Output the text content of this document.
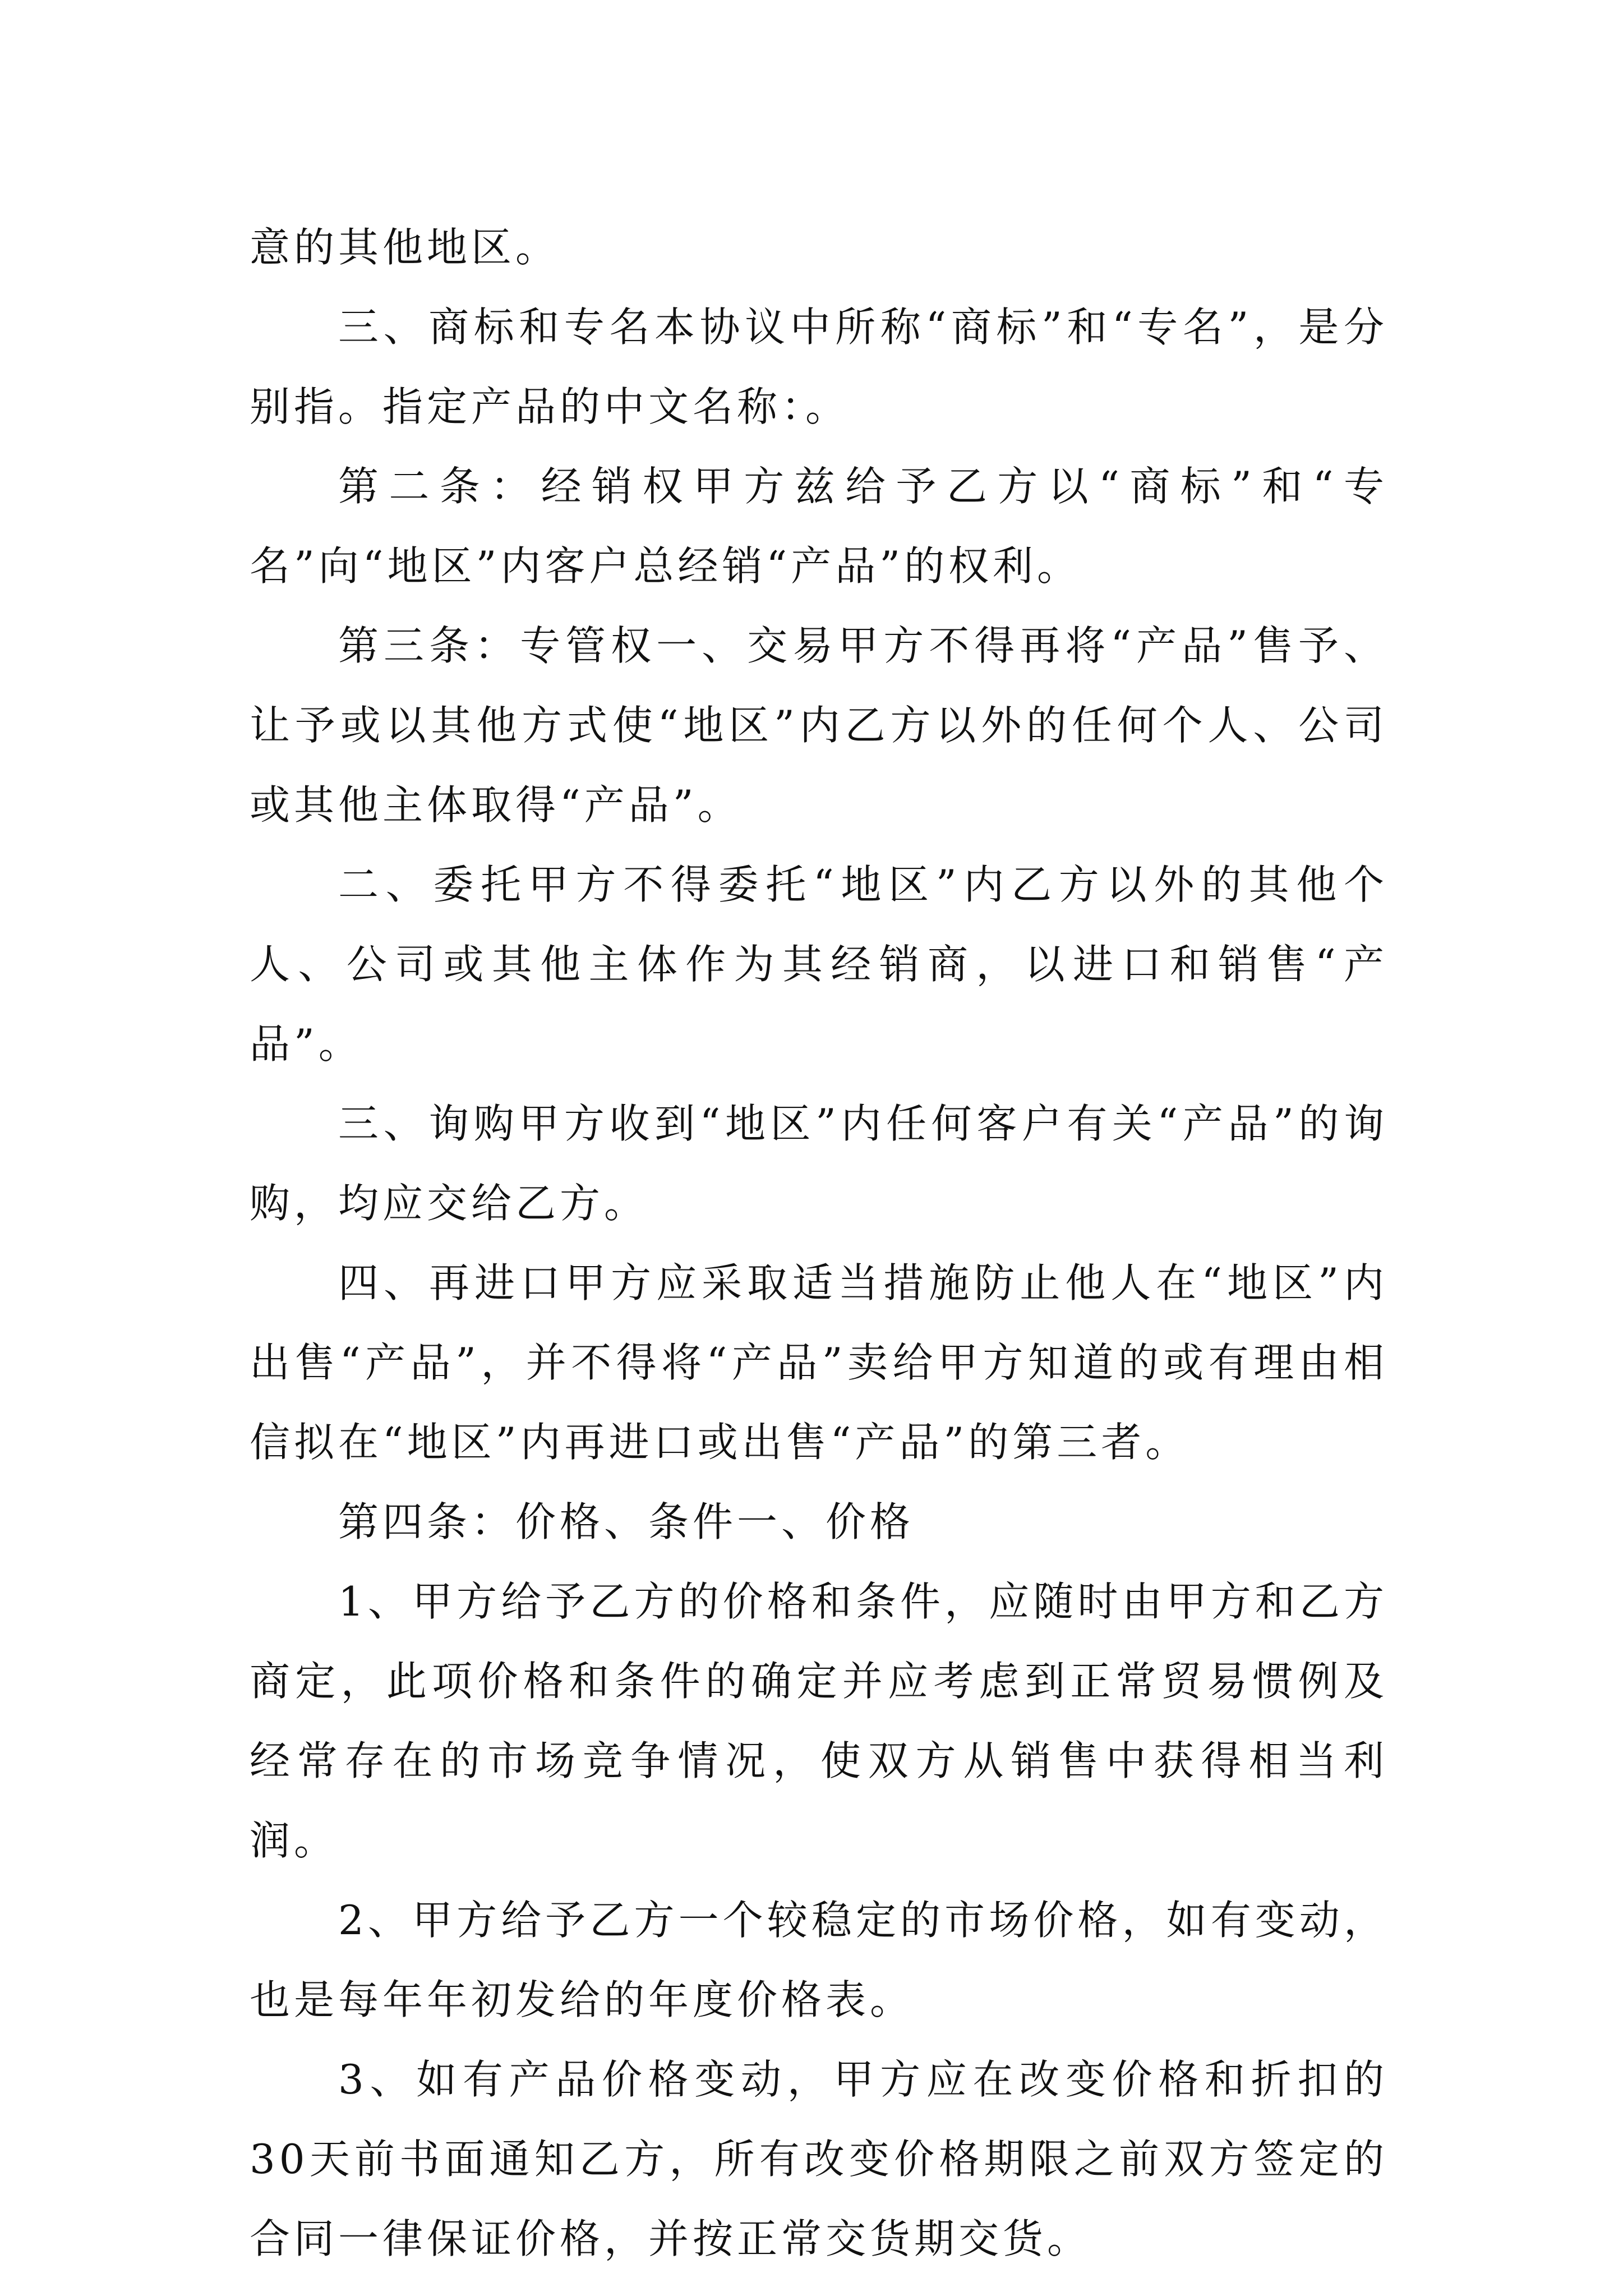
意的其他地区。

三、商标和专名本协议中所称“商标”和“专名”，是分别指。指定产品的中文名称：。

第二条：经销权甲方兹给予乙方以“商标”和“专名”向“地区”内客户总经销“产品”的权利。

第三条：专管权一、交易甲方不得再将“产品”售予、让予或以其他方式使“地区”内乙方以外的任何个人、公司或其他主体取得“产品”。

二、委托甲方不得委托“地区”内乙方以外的其他个人、公司或其他主体作为其经销商，以进口和销售“产品”。

三、询购甲方收到“地区”内任何客户有关“产品”的询购，均应交给乙方。

四、再进口甲方应采取适当措施防止他人在“地区”内出售“产品”，并不得将“产品”卖给甲方知道的或有理由相信拟在“地区”内再进口或出售“产品”的第三者。

第四条：价格、条件一、价格

1、甲方给予乙方的价格和条件，应随时由甲方和乙方商定，此项价格和条件的确定并应考虑到正常贸易惯例及经常存在的市场竞争情况，使双方从销售中获得相当利润。

2、甲方给予乙方一个较稳定的市场价格，如有变动，也是每年年初发给的年度价格表。

3、如有产品价格变动，甲方应在改变价格和折扣的30天前书面通知乙方，所有改变价格期限之前双方签定的合同一律保证价格，并按正常交货期交货。
